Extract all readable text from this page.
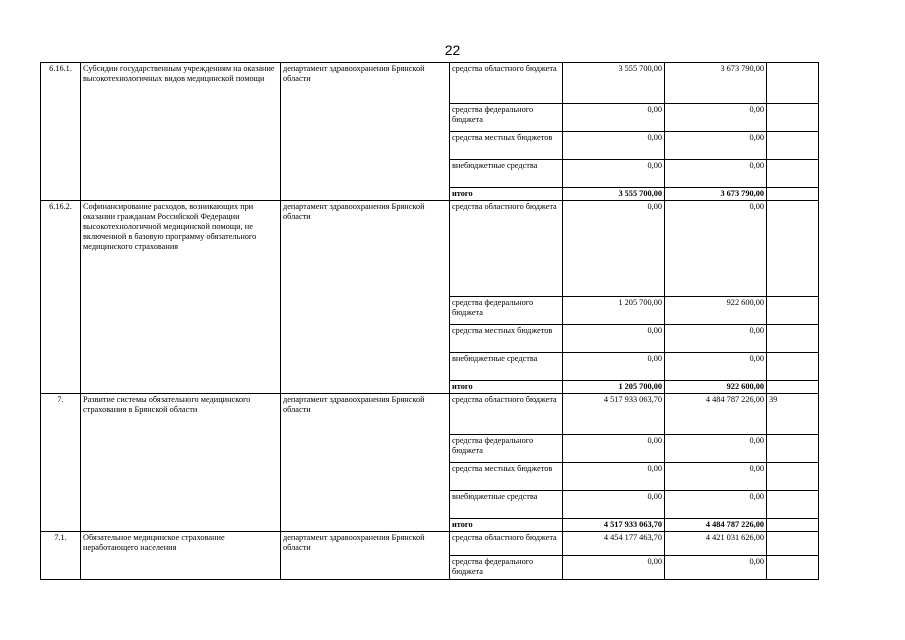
22
6.16.1.	Субсидии государственным учреждениям на оказание высокотехнологичных видов медицинской помощи	департамент здравоохранения Брянской области	средства областного бюджета	3 555 700,00	3 673 790,00	
			средства федерального бюджета	0,00	0,00	
			средства местных бюджетов	0,00	0,00	
			внебюджетные средства	0,00	0,00	
			итого	3 555 700,00	3 673 790,00	
6.16.2.	Софинансирование расходов, возникающих при оказании гражданам Российской Федерации высокотехнологичной медицинской помощи, не включенной в базовую программу обязательного медицинского страхования	департамент здравоохранения Брянской области	средства областного бюджета	0,00	0,00	
			средства федерального бюджета	1 205 700,00	922 600,00	
			средства местных бюджетов	0,00	0,00	
			внебюджетные средства	0,00	0,00	
			итого	1 205 700,00	922 600,00	
7.	Развитие системы обязательного медицинского страхования в Брянской области	департамент здравоохранения Брянской области	средства областного бюджета	4 517 933 063,70	4 484 787 226,00	39
			средства федерального бюджета	0,00	0,00	
			средства местных бюджетов	0,00	0,00	
			внебюджетные средства	0,00	0,00	
			итого	4 517 933 063,70	4 484 787 226,00	
7.1.	Обязательное медицинское страхование неработающего населения	департамент здравоохранения Брянской области	средства областного бюджета	4 454 177 463,70	4 421 031 626,00	
			средства федерального бюджета	0,00	0,00	
